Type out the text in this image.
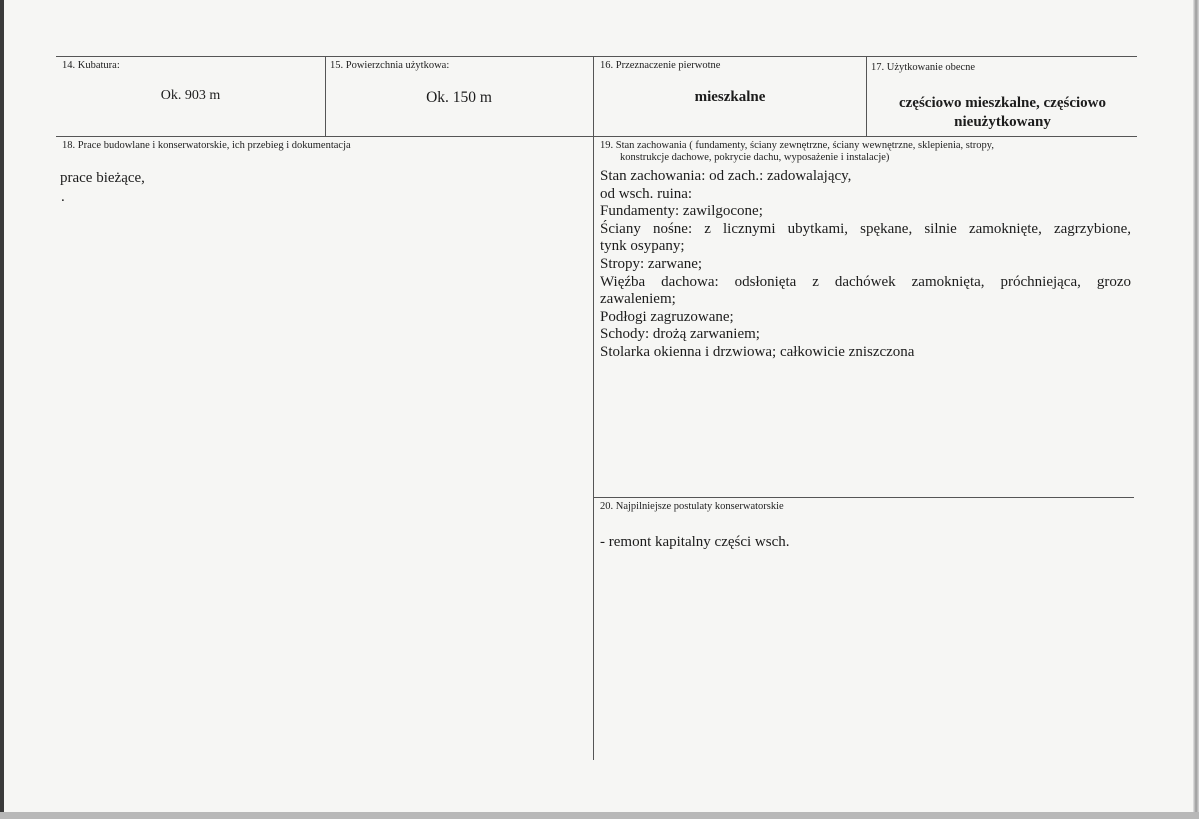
14. Kubatura:
Ok. 903 m
15. Powierzchnia użytkowa:
Ok. 150 m
16. Przeznaczenie pierwotne
mieszkalne
17. Użytkowanie obecne
częściowo mieszkalne, częściowo
nieużytkowany
18. Prace budowlane i konserwatorskie, ich przebieg i dokumentacja
prace bieżące,
.
19. Stan zachowania ( fundamenty, ściany zewnętrzne, ściany wewnętrzne, sklepienia, stropy,
konstrukcje dachowe, pokrycie dachu, wyposażenie i instalacje)
Stan zachowania: od zach.: zadowalający,
od wsch. ruina:
Fundamenty: zawilgocone;
Ściany nośne: z licznymi ubytkami, spękane, silnie zamoknięte, zagrzybione,
tynk osypany;
Stropy: zarwane;
Więźba dachowa: odsłonięta z dachówek zamoknięta, próchniejąca, grozo
zawaleniem;
Podłogi zagruzowane;
Schody: drożą zarwaniem;
Stolarka okienna i drzwiowa; całkowicie zniszczona
20. Najpilniejsze postulaty konserwatorskie
- remont kapitalny części wsch.
